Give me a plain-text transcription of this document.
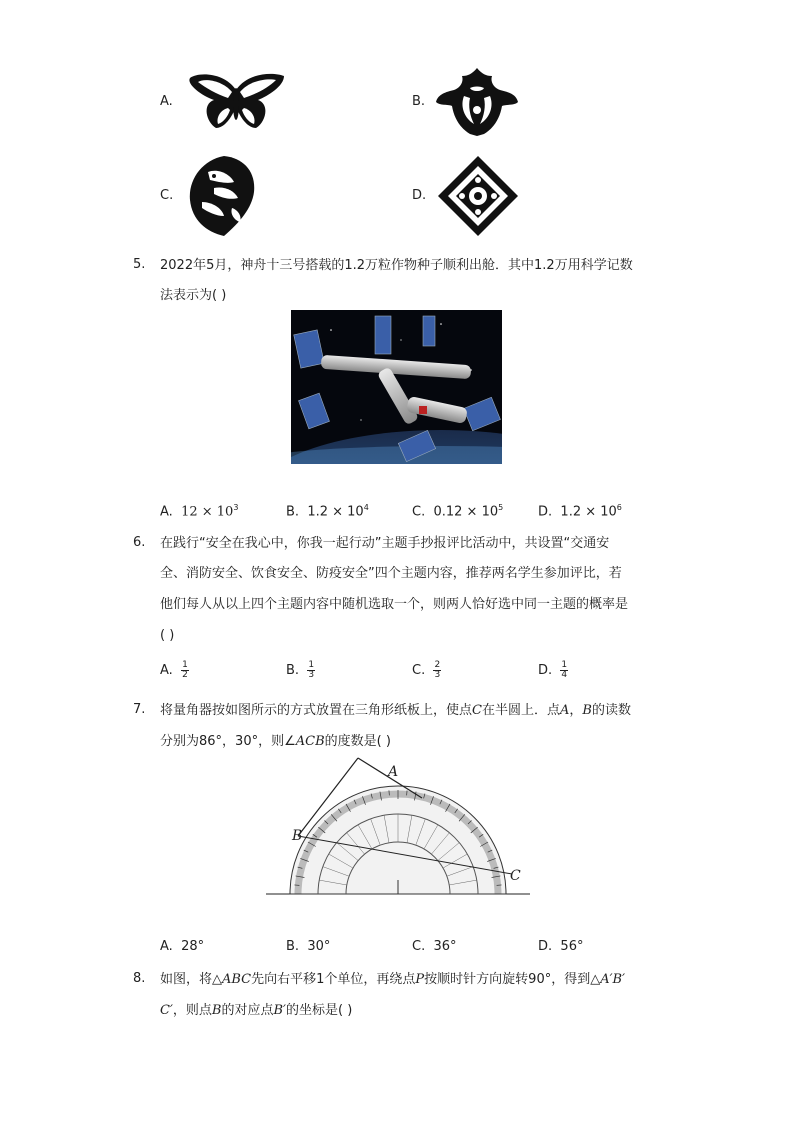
A.	B.
C.	D.
5. 2022年5月，神舟十三号搭载的1.2万粒作物种子顺利出舱．其中1.2万用科学记数
法表示为( )
A. $12 \times 10^3$	B. $1.2 \times 10^4$	C. $0.12 \times 10^5$	D. $1.2 \times 10^6$
6. 在践行“安全在我心中，你我一起行动”主题手抄报评比活动中，共设置“交通安
全、消防安全、饮食安全、防疫安全”四个主题内容，推荐两名学生参加评比，若
他们每人从以上四个主题内容中随机选取一个，则两人恰好选中同一主题的概率是
( )
A. $\frac{1}{2}$	B. $\frac{1}{3}$	C. $\frac{2}{3}$	D. $\frac{1}{4}$
7. 将量角器按如图所示的方式放置在三角形纸板上，使点C在半圆上．点A，B的读数
分别为86°，30°，则∠ACB的度数是( )
A
B
C
A. 28°	B. 30°	C. 36°	D. 56°
8. 如图，将△ABC先向右平移1个单位，再绕点P按顺时针方向旋转90°，得到△A′B′
C′，则点B的对应点B′的坐标是( )
